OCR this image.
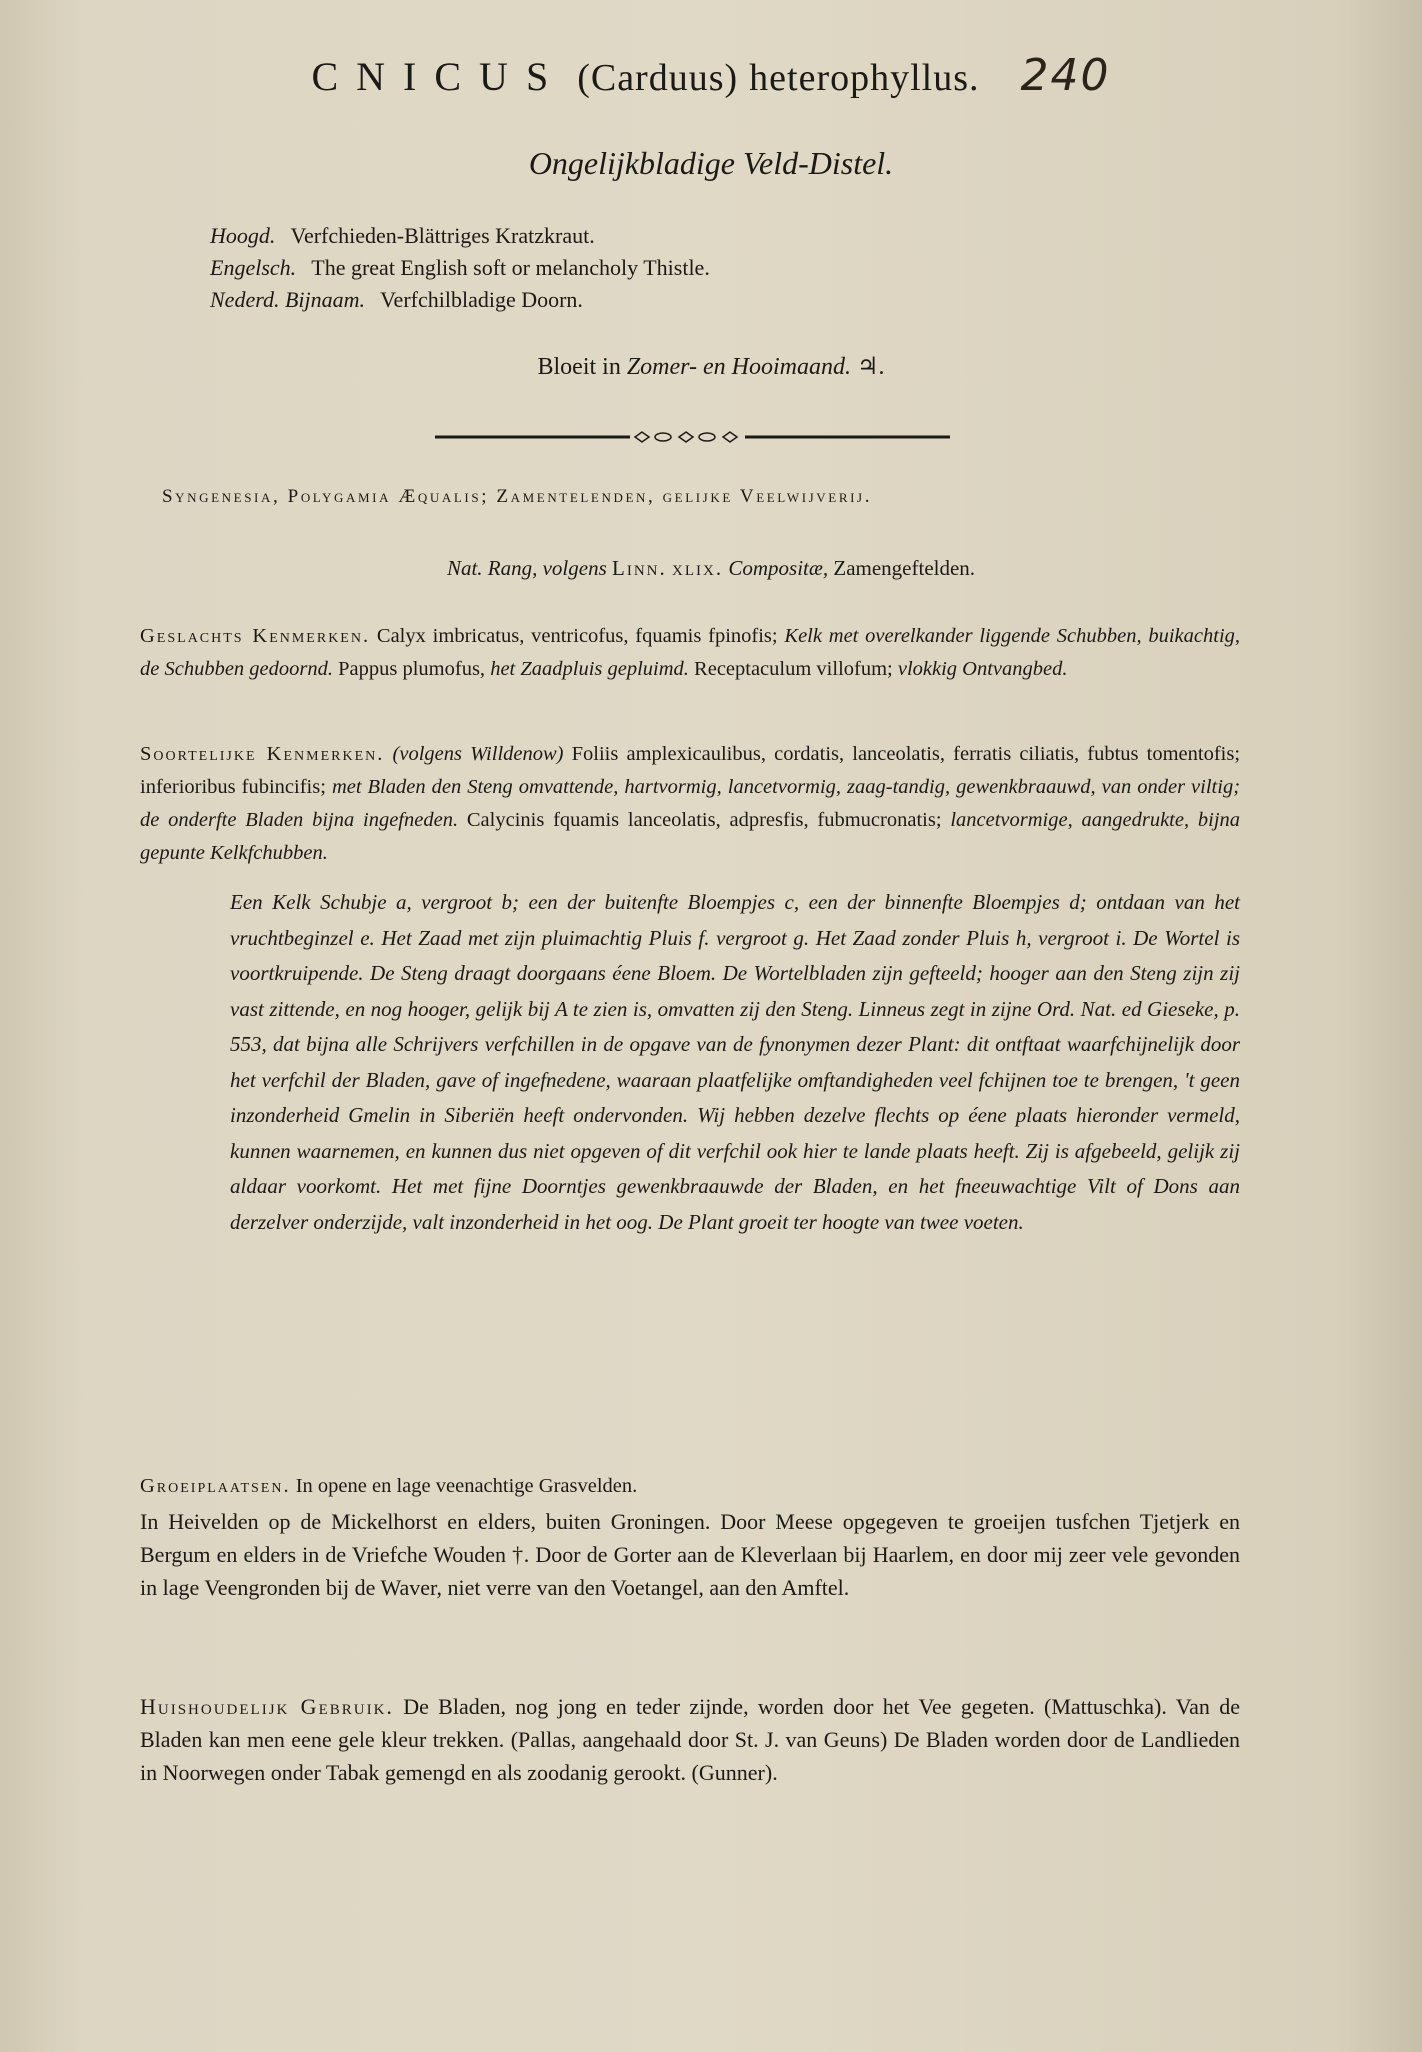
CNICUS (Carduus) heterophyllus. 240
Ongelijkbladige Veld-Distel.
Hoogd. Verfchieden-Blättriges Kratzkraut.
Engelsch. The great English soft or melancholy Thistle.
Nederd. Bijnaam. Verfchilbladige Doorn.
Bloeit in Zomer- en Hooimaand. ♃.
Syngenesia, Polygamia Æqualis; Zamentelenden, gelijke Veelwijverij.
Nat. Rang, volgens Linn. xlix. Compositæ, Zamengeftelden.
Geslachts Kenmerken. Calyx imbricatus, ventricofus, fquamis fpinofis; Kelk met overelkander liggende Schubben, buikachtig, de Schubben gedoornd. Pappus plumofus, het Zaadpluis gepluimd. Receptaculum villofum; vlokkig Ontvangbed.
Soortelijke Kenmerken. (volgens Willdenow) Foliis amplexicaulibus, cordatis, lanceolatis, ferratis ciliatis, fubtus tomentofis; inferioribus fubincifis; met Bladen den Steng omvattende, hartvormig, lancetvormig, zaag-tandig, gewenkbraauwd, van onder viltig; de onderfte Bladen bijna ingefneden. Calycinis fquamis lanceolatis, adpresfis, fubmucronatis; lancetvormige, aangedrukte, bijna gepunte Kelkfchubben.
Een Kelk Schubje a, vergroot b; een der buitenfte Bloempjes c, een der binnenfte Bloempjes d; ontdaan van het vruchtbeginzel e. Het Zaad met zijn pluimachtig Pluis f. vergroot g. Het Zaad zonder Pluis h, vergroot i. De Wortel is voortkruipende. De Steng draagt doorgaans éene Bloem. De Wortelbladen zijn gefteeld; hooger aan den Steng zijn zij vast zittende, en nog hooger, gelijk bij A te zien is, omvatten zij den Steng. Linneus zegt in zijne Ord. Nat. ed Gieseke, p. 553, dat bijna alle Schrijvers verfchillen in de opgave van de fynonymen dezer Plant: dit ontftaat waarfchijnelijk door het verfchil der Bladen, gave of ingefnedene, waaraan plaatfelijke omftandigheden veel fchijnen toe te brengen, 't geen inzonderheid Gmelin in Siberiën heeft ondervonden. Wij hebben dezelve flechts op éene plaats hieronder vermeld, kunnen waarnemen, en kunnen dus niet opgeven of dit verfchil ook hier te lande plaats heeft. Zij is afgebeeld, gelijk zij aldaar voorkomt. Het met fijne Doorntjes gewenkbraauwde der Bladen, en het fneeuwachtige Vilt of Dons aan derzelver onderzijde, valt inzonderheid in het oog. De Plant groeit ter hoogte van twee voeten.
Groeiplaatsen. In opene en lage veenachtige Grasvelden.
In Heivelden op de Mickelhorst en elders, buiten Groningen. Door Meese opgegeven te groeijen tusfchen Tjetjerk en Bergum en elders in de Vriefche Wouden †. Door de Gorter aan de Kleverlaan bij Haarlem, en door mij zeer vele gevonden in lage Veengronden bij de Waver, niet verre van den Voetangel, aan den Amftel.
Huishoudelijk Gebruik. De Bladen, nog jong en teder zijnde, worden door het Vee gegeten. (Mattuschka). Van de Bladen kan men eene gele kleur trekken. (Pallas, aangehaald door St. J. van Geuns) De Bladen worden door de Landlieden in Noorwegen onder Tabak gemengd en als zoodanig gerookt. (Gunner).
